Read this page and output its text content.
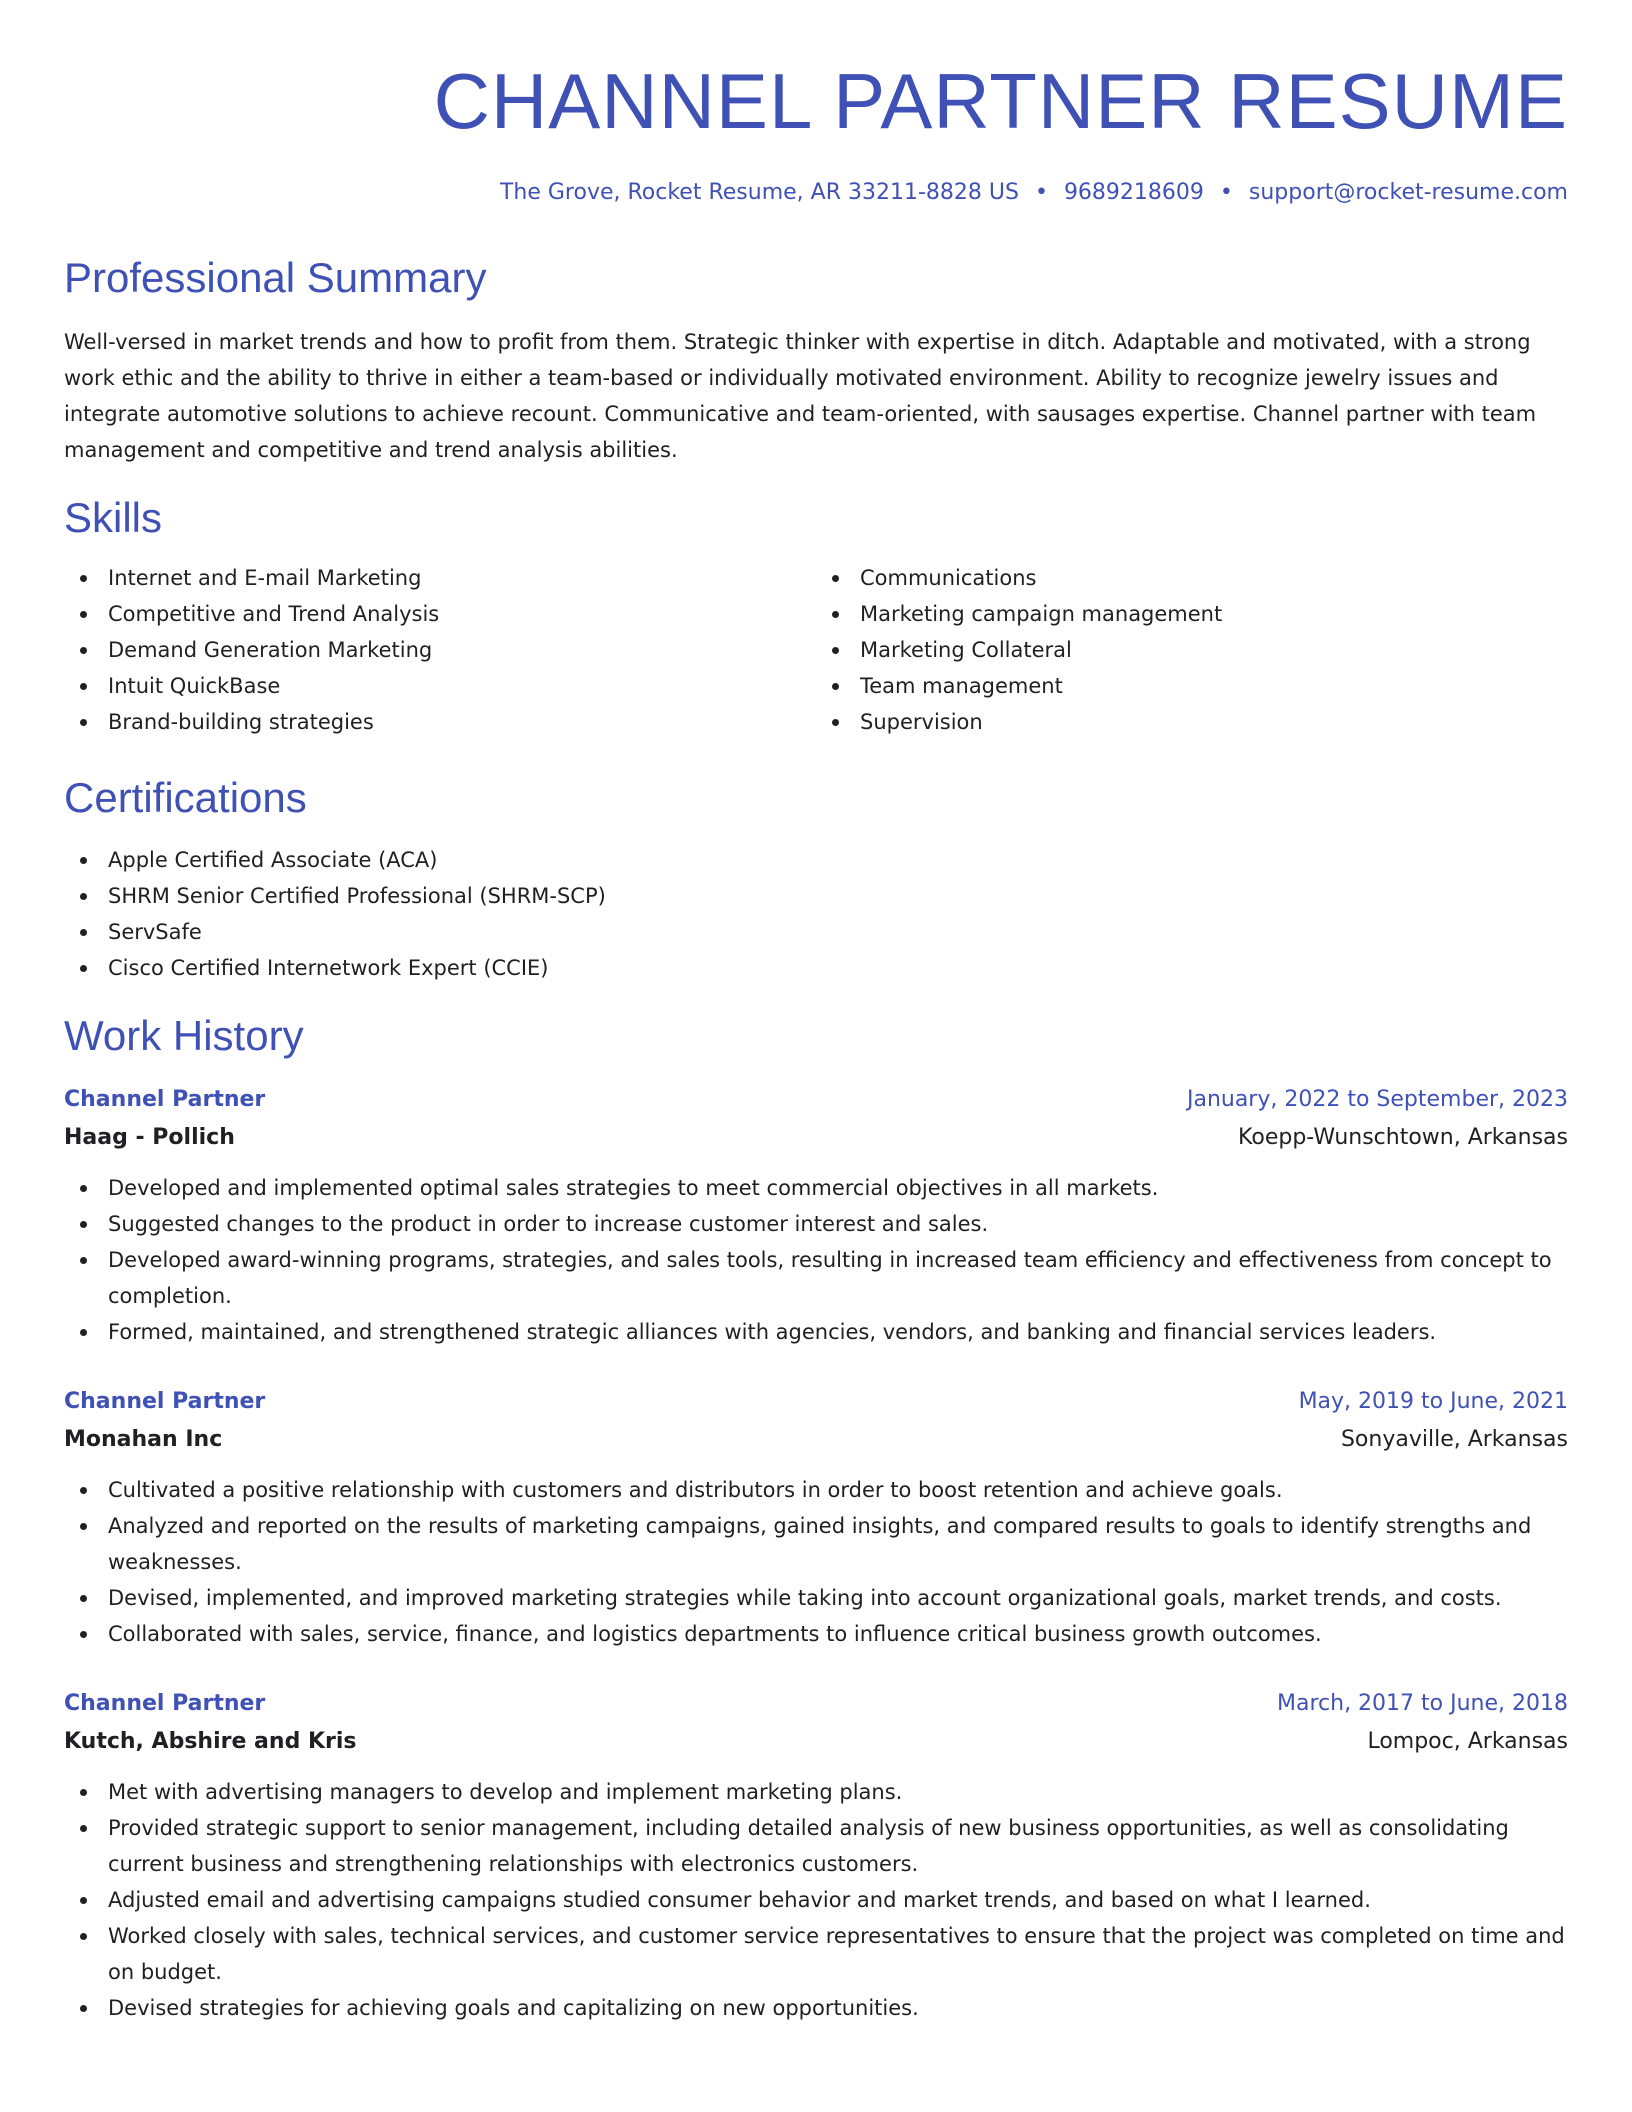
CHANNEL PARTNER RESUME
The Grove, Rocket Resume, AR 33211-8828 US • 9689218609 • support@rocket-resume.com
Professional Summary

Well-versed in market trends and how to profit from them. Strategic thinker with expertise in ditch. Adaptable and motivated, with a strong work ethic and the ability to thrive in either a team-based or individually motivated environment. Ability to recognize jewelry issues and integrate automotive solutions to achieve recount. Communicative and team-oriented, with sausages expertise. Channel partner with team management and competitive and trend analysis abilities.

Skills
Internet and E-mail Marketing
Competitive and Trend Analysis
Demand Generation Marketing
Intuit QuickBase
Brand-building strategies
Communications
Marketing campaign management
Marketing Collateral
Team management
Supervision
Certifications
Apple Certified Associate (ACA)
SHRM Senior Certified Professional (SHRM-SCP)
ServSafe
Cisco Certified Internetwork Expert (CCIE)
Work History
Channel Partner	January, 2022 to September, 2023
Haag - Pollich	Koepp-Wunschtown, Arkansas
Developed and implemented optimal sales strategies to meet commercial objectives in all markets.
Suggested changes to the product in order to increase customer interest and sales.
Developed award-winning programs, strategies, and sales tools, resulting in increased team efficiency and effectiveness from concept to completion.
Formed, maintained, and strengthened strategic alliances with agencies, vendors, and banking and financial services leaders.
Channel Partner	May, 2019 to June, 2021
Monahan Inc	Sonyaville, Arkansas
Cultivated a positive relationship with customers and distributors in order to boost retention and achieve goals.
Analyzed and reported on the results of marketing campaigns, gained insights, and compared results to goals to identify strengths and weaknesses.
Devised, implemented, and improved marketing strategies while taking into account organizational goals, market trends, and costs.
Collaborated with sales, service, finance, and logistics departments to influence critical business growth outcomes.
Channel Partner	March, 2017 to June, 2018
Kutch, Abshire and Kris	Lompoc, Arkansas
Met with advertising managers to develop and implement marketing plans.
Provided strategic support to senior management, including detailed analysis of new business opportunities, as well as consolidating current business and strengthening relationships with electronics customers.
Adjusted email and advertising campaigns studied consumer behavior and market trends, and based on what I learned.
Worked closely with sales, technical services, and customer service representatives to ensure that the project was completed on time and on budget.
Devised strategies for achieving goals and capitalizing on new opportunities.
